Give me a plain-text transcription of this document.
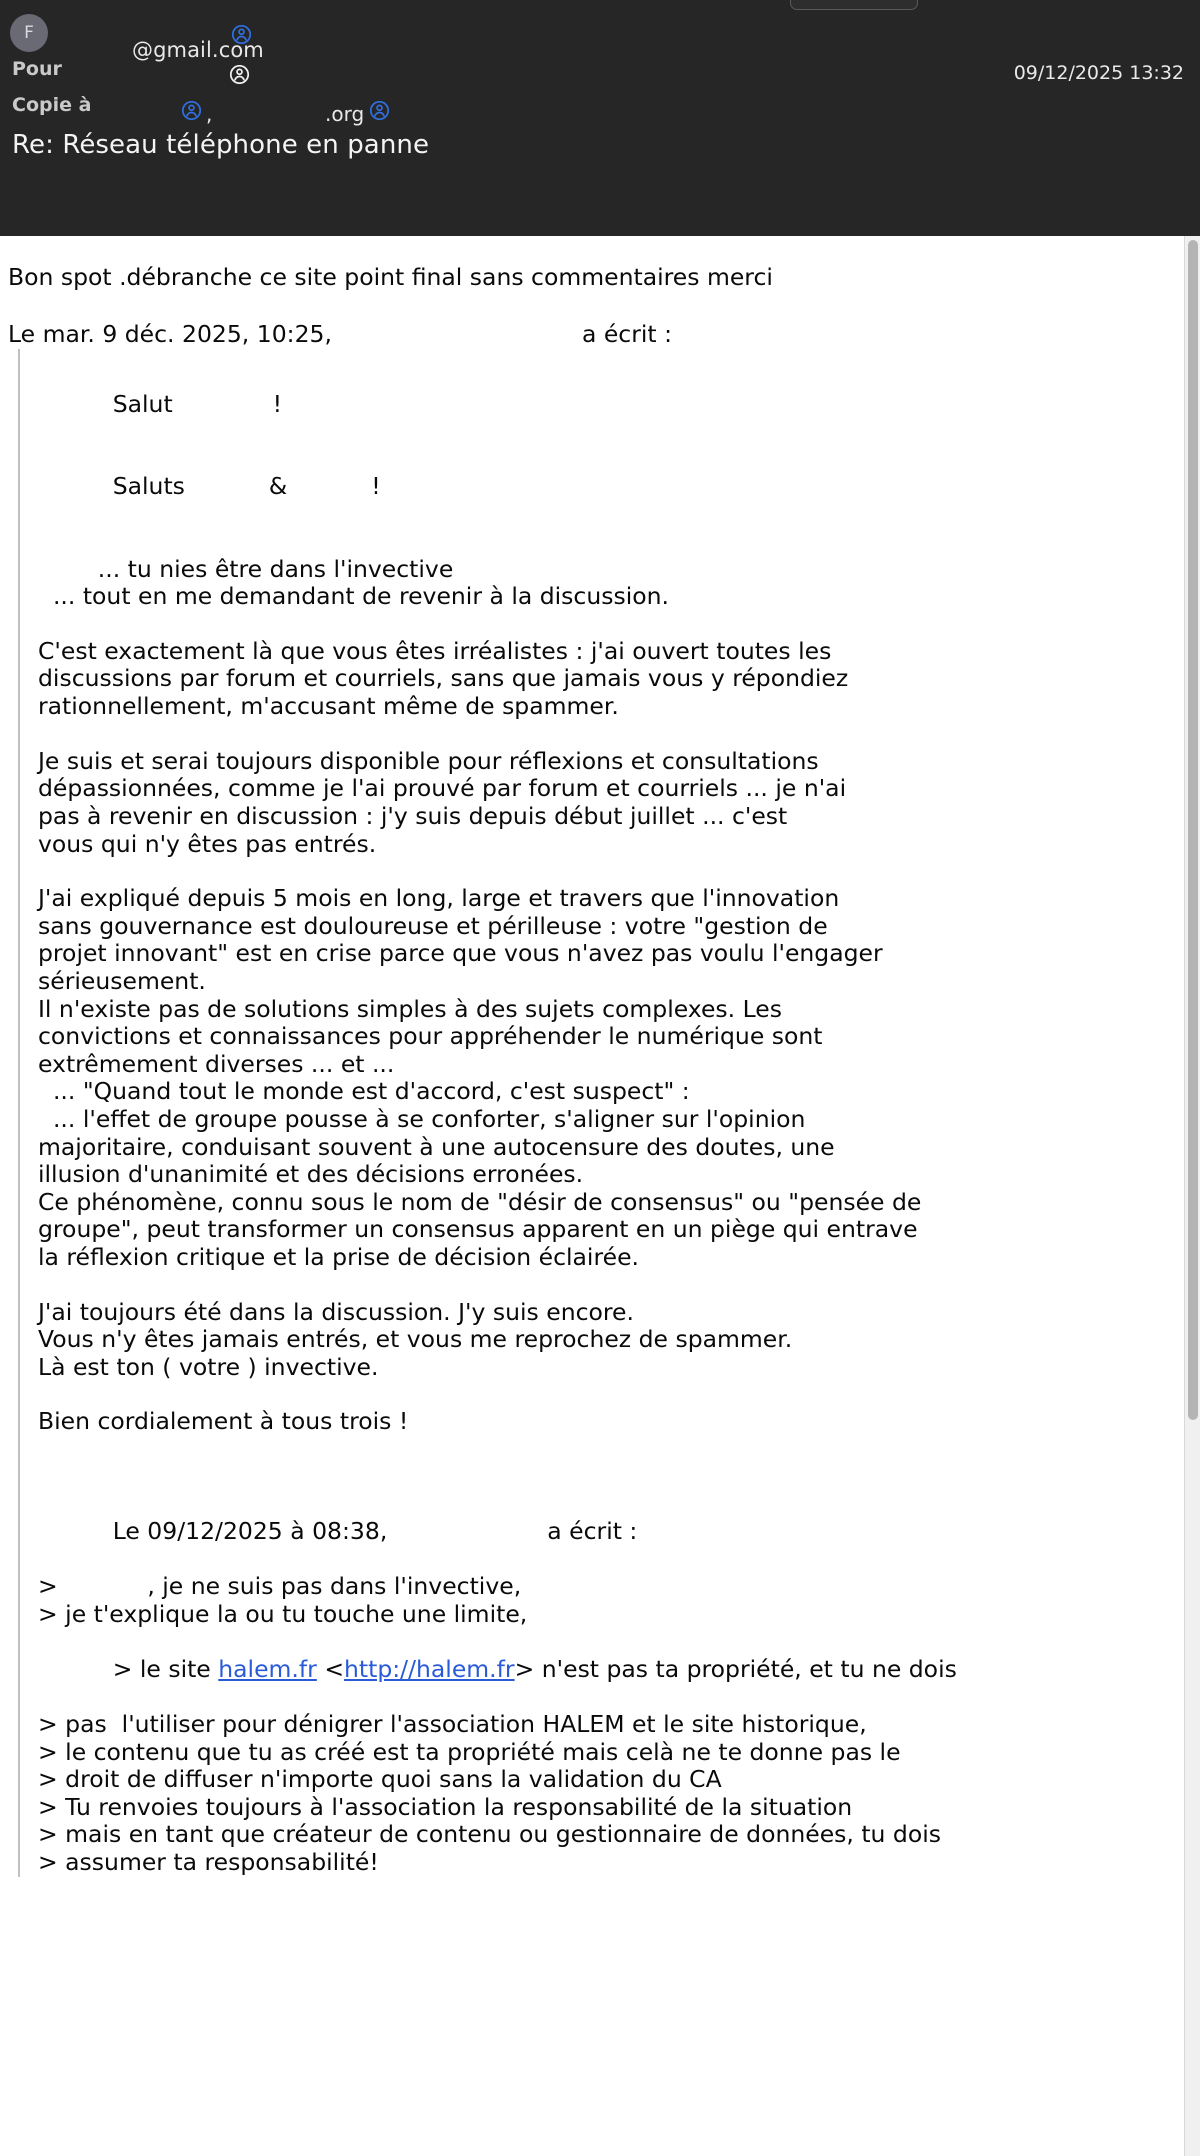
F
@gmail.com
Pour
Copie à	,	.org
09/12/2025 13:32
Re: Réseau téléphone en panne
Bon spot .débranche ce site point final sans commentaires merci
Le mar. 9 déc. 2025, 10:25,	a écrit :

Salut	!

Saluts	&	!

... tu nies être dans l'invective
... tout en me demandant de revenir à la discussion.
C'est exactement là que vous êtes irréalistes : j'ai ouvert toutes les
discussions par forum et courriels, sans que jamais vous y répondiez
rationnellement, m'accusant même de spammer.
Je suis et serai toujours disponible pour réflexions et consultations
dépassionnées, comme je l'ai prouvé par forum et courriels ... je n'ai
pas à revenir en discussion : j'y suis depuis début juillet ... c'est
vous qui n'y êtes pas entrés.
J'ai expliqué depuis 5 mois en long, large et travers que l'innovation
sans gouvernance est douloureuse et périlleuse : votre "gestion de
projet innovant" est en crise parce que vous n'avez pas voulu l'engager
sérieusement.
Il n'existe pas de solutions simples à des sujets complexes. Les
convictions et connaissances pour appréhender le numérique sont
extrêmement diverses ... et ...
... "Quand tout le monde est d'accord, c'est suspect" :
... l'effet de groupe pousse à se conforter, s'aligner sur l'opinion
majoritaire, conduisant souvent à une autocensure des doutes, une
illusion d'unanimité et des décisions erronées.
Ce phénomène, connu sous le nom de "désir de consensus" ou "pensée de
groupe", peut transformer un consensus apparent en un piège qui entrave
la réflexion critique et la prise de décision éclairée.
J'ai toujours été dans la discussion. J'y suis encore.
Vous n'y êtes jamais entrés, et vous me reprochez de spammer.
Là est ton ( votre ) invective.
Bien cordialement à tous trois !

Le 09/12/2025 à 08:38,	a écrit :

>            , je ne suis pas dans l'invective,
> je t'explique la ou tu touche une limite,

> le site halem.fr <http://halem.fr> n'est pas ta propriété, et tu ne dois

> pas  l'utiliser pour dénigrer l'association HALEM et le site historique,
> le contenu que tu as créé est ta propriété mais celà ne te donne pas le
> droit de diffuser n'importe quoi sans la validation du CA
> Tu renvoies toujours à l'association la responsabilité de la situation
> mais en tant que créateur de contenu ou gestionnaire de données, tu dois
> assumer ta responsabilité!
